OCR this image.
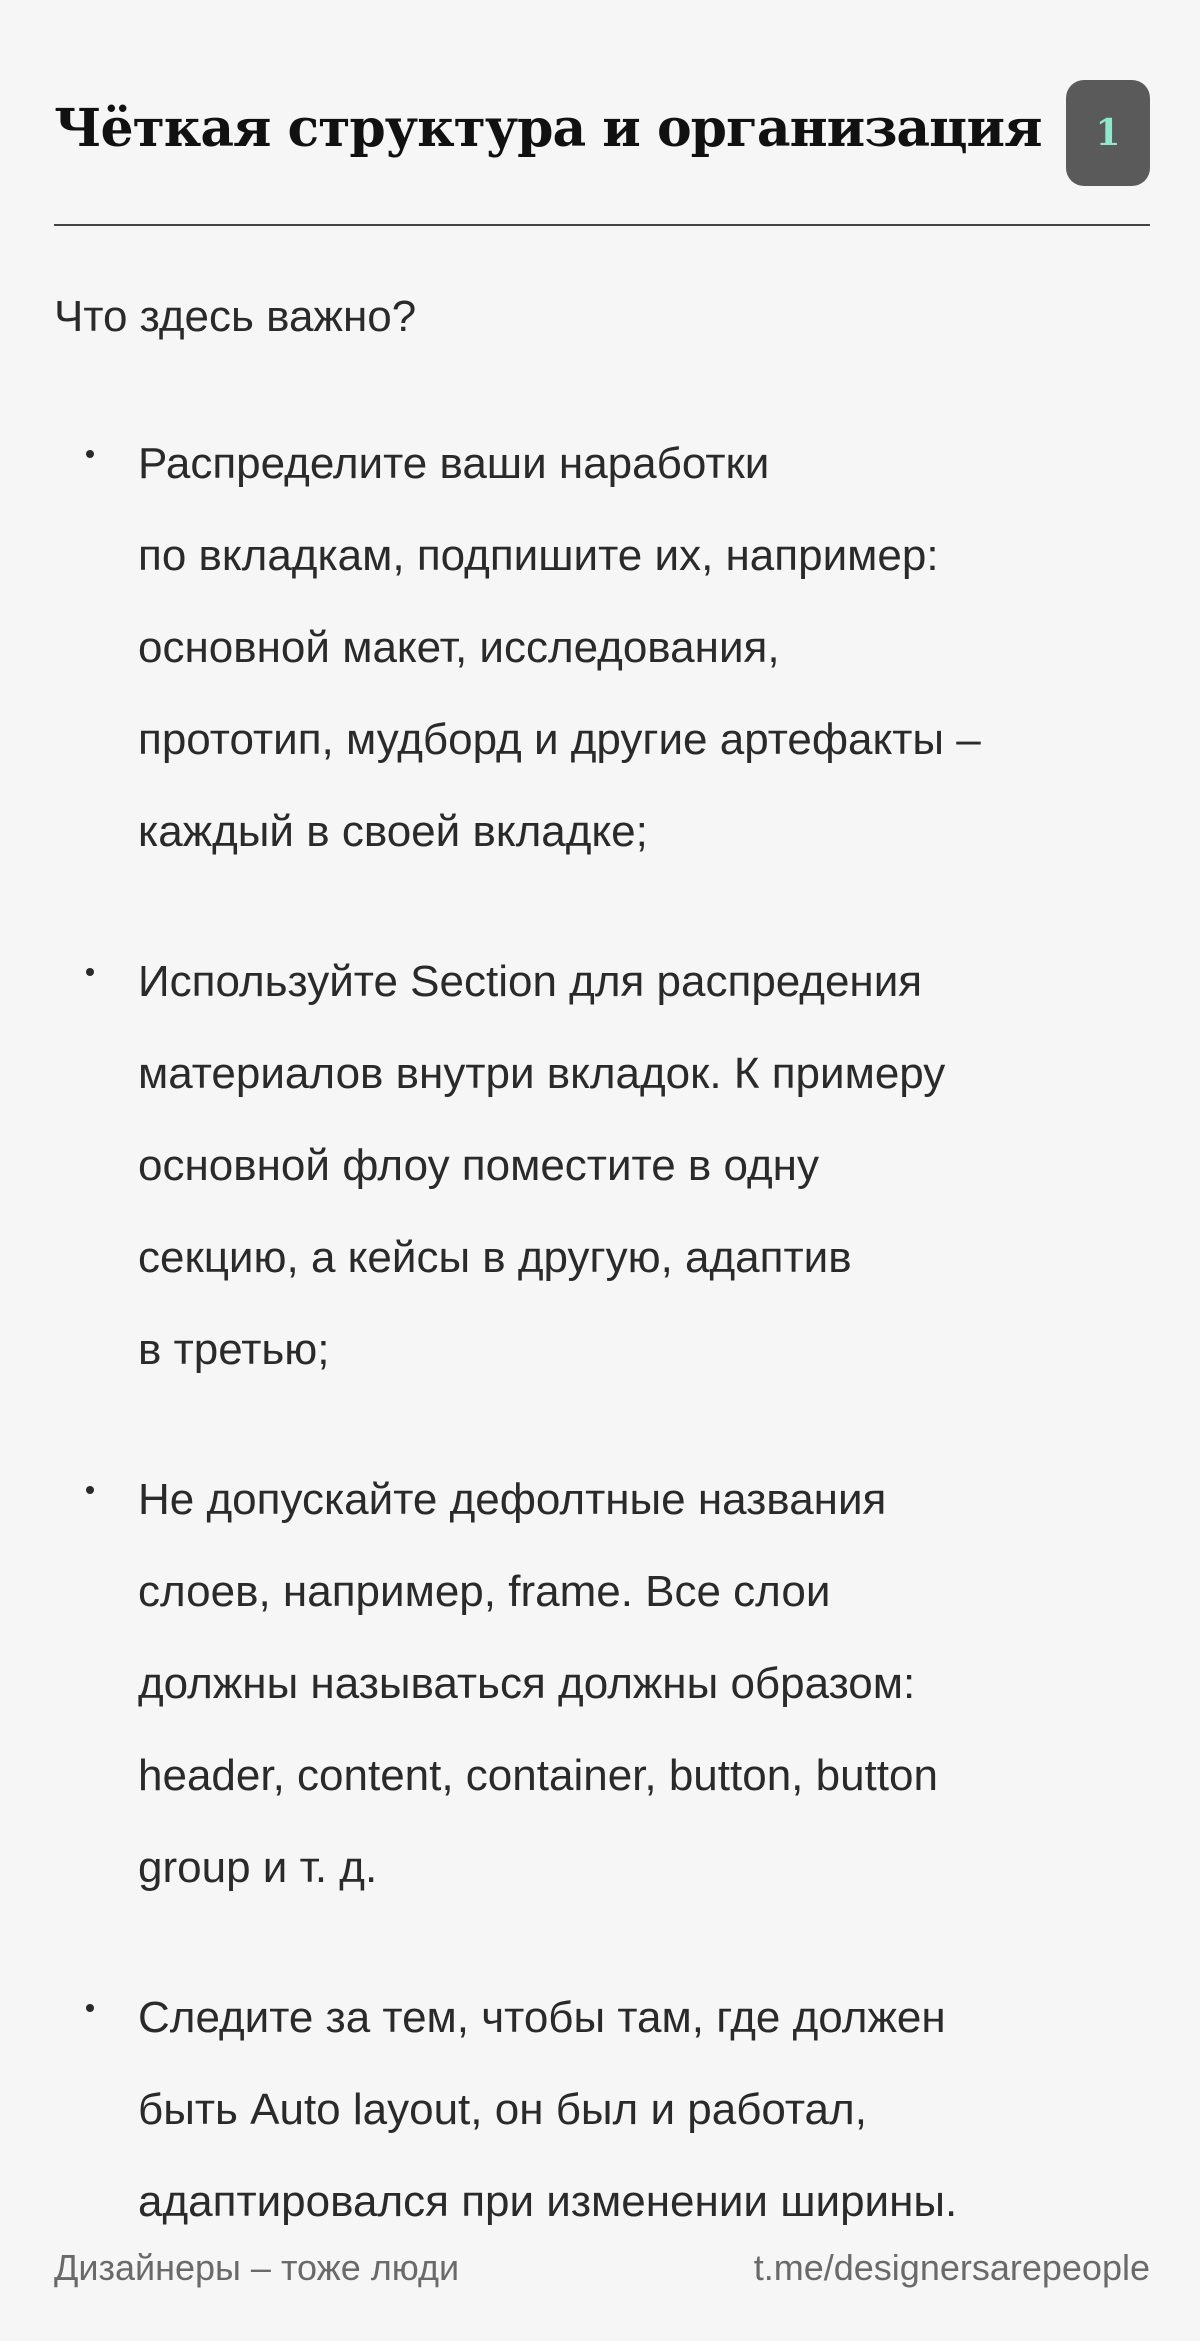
Чёткая структура и организация	1
Что здесь важно?
Распределите ваши наработки
по вкладкам, подпишите их, например:
основной макет, исследования,
прототип, мудборд и другие артефакты –
каждый в своей вкладке;
Используйте Section для распредения
материалов внутри вкладок. К примеру
основной флоу поместите в одну
секцию, а кейсы в другую, адаптив
в третью;
Не допускайте дефолтные названия
слоев, например, frame. Все слои
должны называться должны образом:
header, content, container, button, button
group и т. д.
Следите за тем, чтобы там, где должен
быть Auto layout, он был и работал,
адаптировался при изменении ширины.
Дизайнеры – тоже люди	t.me/designersarepeople
